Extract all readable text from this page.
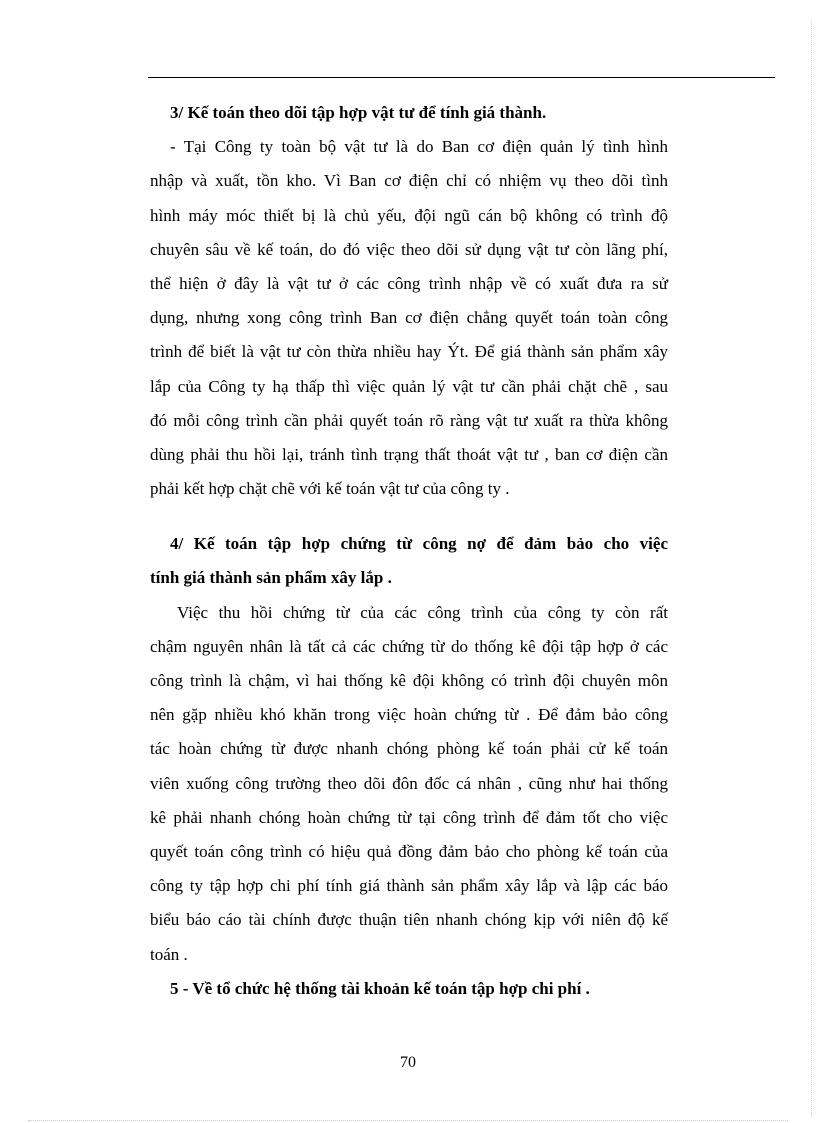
3/ Kế toán theo dõi tập hợp vật tư để tính giá thành.
- Tại Công ty toàn bộ vật tư là do Ban cơ điện quản lý tình hình
nhập và xuất, tồn kho. Vì Ban cơ điện chỉ có nhiệm vụ theo dõi tình
hình máy móc thiết bị là chủ yếu, đội ngũ cán bộ không có trình độ
chuyên sâu về kế toán, do đó việc theo dõi sử dụng vật tư còn lãng phí,
thể hiện ở đây là vật tư ở các công trình nhập về có xuất đưa ra sử
dụng, nhưng xong công trình Ban cơ điện chẳng quyết toán toàn công
trình để biết là vật tư còn thừa nhiều hay Ýt. Để giá thành sản phẩm xây
lắp của Công ty hạ thấp thì việc quản lý vật tư cần phải chặt chẽ , sau
đó mỗi công trình cần phải quyết toán rõ ràng vật tư xuất ra thừa không
dùng phải thu hồi lại, tránh tình trạng thất thoát vật tư , ban cơ điện cần
phải kết hợp chặt chẽ với kế toán vật tư của công ty .
4/ Kế toán tập hợp chứng từ công nợ để đảm bảo cho việc
tính giá thành sản phẩm xây lắp .
Việc thu hồi chứng từ của các công trình của công ty còn rất
chậm nguyên nhân là tất cả các chứng từ do thống kê đội tập hợp ở các
công trình là chậm, vì hai thống kê đội không có trình đội chuyên môn
nên gặp nhiều khó khăn trong việc hoàn chứng từ . Để đảm bảo công
tác hoàn chứng từ được nhanh chóng phòng kế toán phải cử kế toán
viên xuống công trường theo dõi đôn đốc cá nhân , cũng như hai thống
kê phải nhanh chóng hoàn chứng từ tại công trình để đảm tốt cho việc
quyết toán công trình có hiệu quả đồng đảm bảo cho phòng kế toán của
công ty tập hợp chi phí tính giá thành sản phẩm xây lắp và lập các báo
biểu báo cáo tài chính được thuận tiên nhanh chóng kịp với niên độ kế
toán .
5 - Về tổ chức hệ thống tài khoản kế toán tập hợp chi phí .
70
